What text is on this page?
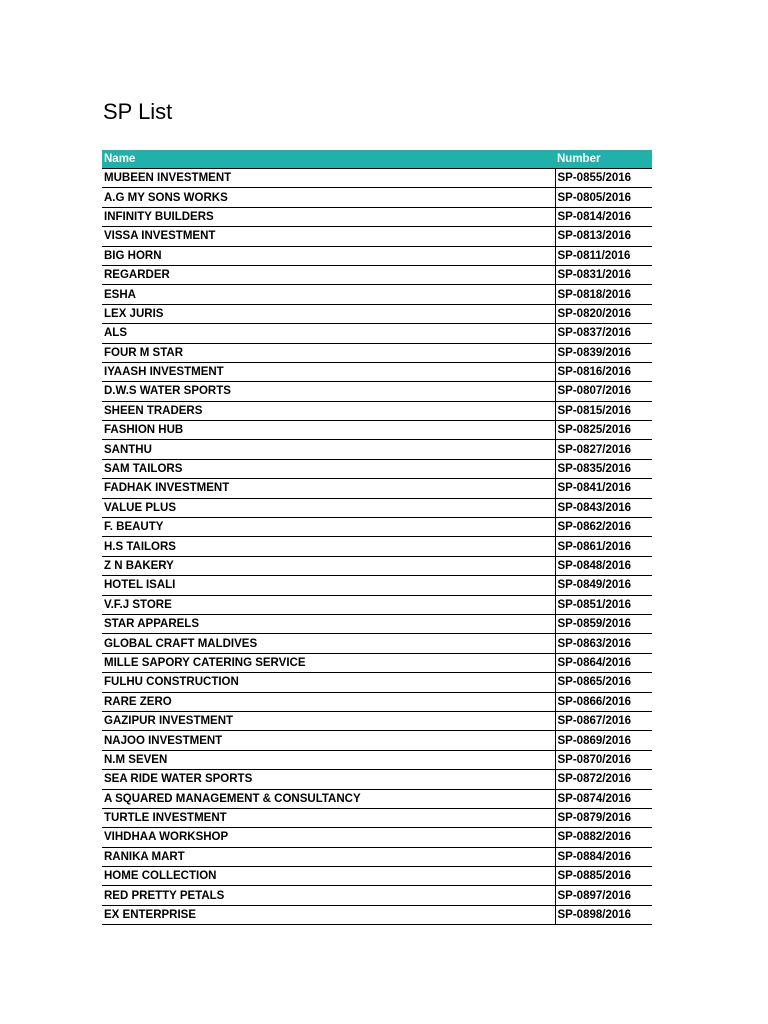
SP List
Name	Number
MUBEEN INVESTMENT	SP-0855/2016
A.G MY SONS WORKS	SP-0805/2016
INFINITY BUILDERS	SP-0814/2016
VISSA INVESTMENT	SP-0813/2016
BIG HORN	SP-0811/2016
REGARDER	SP-0831/2016
ESHA	SP-0818/2016
LEX JURIS	SP-0820/2016
ALS	SP-0837/2016
FOUR M STAR	SP-0839/2016
IYAASH INVESTMENT	SP-0816/2016
D.W.S WATER SPORTS	SP-0807/2016
SHEEN TRADERS	SP-0815/2016
FASHION HUB	SP-0825/2016
SANTHU	SP-0827/2016
SAM TAILORS	SP-0835/2016
FADHAK INVESTMENT	SP-0841/2016
VALUE PLUS	SP-0843/2016
F. BEAUTY	SP-0862/2016
H.S TAILORS	SP-0861/2016
Z N BAKERY	SP-0848/2016
HOTEL ISALI	SP-0849/2016
V.F.J STORE	SP-0851/2016
STAR APPARELS	SP-0859/2016
GLOBAL CRAFT MALDIVES	SP-0863/2016
MILLE SAPORY CATERING SERVICE	SP-0864/2016
FULHU CONSTRUCTION	SP-0865/2016
RARE ZERO	SP-0866/2016
GAZIPUR INVESTMENT	SP-0867/2016
NAJOO INVESTMENT	SP-0869/2016
N.M SEVEN	SP-0870/2016
SEA RIDE WATER SPORTS	SP-0872/2016
A SQUARED MANAGEMENT & CONSULTANCY	SP-0874/2016
TURTLE INVESTMENT	SP-0879/2016
VIHDHAA WORKSHOP	SP-0882/2016
RANIKA MART	SP-0884/2016
HOME COLLECTION	SP-0885/2016
RED PRETTY PETALS	SP-0897/2016
EX ENTERPRISE	SP-0898/2016
